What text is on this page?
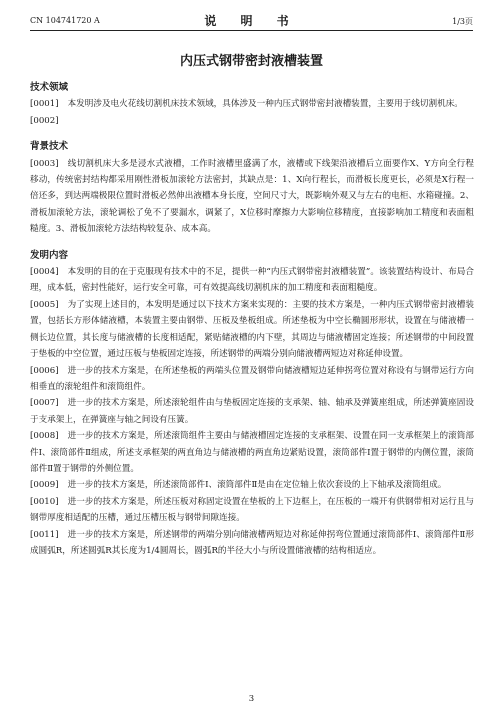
CN 104741720 A	说 明 书	1/3页
内压式钢带密封液槽装置
技术领域
[0001] 本发明涉及电火花线切割机床技术领域，具体涉及一种内压式钢带密封液槽装置，主要用于线切割机床。
[0002]
背景技术
[0003] 线切割机床大多是浸水式液槽，工作时液槽里盛满了水，液槽或下线架沿液槽后立面要作X、Y方向全行程移动，传统密封结构都采用刚性滑板加滚轮方法密封，其缺点是：1、X向行程长，而滑板长度更长，必须是X行程一倍还多，到达两端极限位置时滑板必然伸出液槽本身长度，空间尺寸大，既影响外观又与左右的电柜、水箱碰撞。2、滑板加滚轮方法，滚轮调松了免不了要漏水，调紧了，X位移时摩擦力大影响位移精度，直接影响加工精度和表面粗糙度。3、滑板加滚轮方法结构较复杂、成本高。
发明内容
[0004] 本发明的目的在于克服现有技术中的不足，提供一种“内压式钢带密封液槽装置”。该装置结构设计、布局合理，成本低，密封性能好，运行安全可靠，可有效提高线切割机床的加工精度和表面粗糙度。
[0005] 为了实现上述目的，本发明是通过以下技术方案来实现的：主要的技术方案是，一种内压式钢带密封液槽装置，包括长方形体储液槽，本装置主要由钢带、压板及垫板组成。所述垫板为中空长椭圆形形状，设置在与储液槽一侧长边位置，其长度与储液槽的长度相适配，紧贴储液槽的内下壁，其周边与储液槽固定连接；所述钢带的中间段置于垫板的中空位置，通过压板与垫板固定连接，所述钢带的两端分别向储液槽两短边对称延伸设置。
[0006] 进一步的技术方案是，在所述垫板的两端头位置及钢带向储液槽短边延伸拐弯位置对称设有与钢带运行方向相垂直的滚轮组件和滚筒组件。
[0007] 进一步的技术方案是，所述滚轮组件由与垫板固定连接的支承架、轴、轴承及弹簧座组成，所述弹簧座固设于支承架上，在弹簧座与轴之间设有压簧。
[0008] 进一步的技术方案是，所述滚筒组件主要由与储液槽固定连接的支承框架、设置在同一支承框架上的滚筒部件Ⅰ、滚筒部件Ⅱ组成，所述支承框架的两直角边与储液槽的两直角边紧贴设置，滚筒部件Ⅰ置于钢带的内侧位置，滚筒部件Ⅱ置于钢带的外侧位置。
[0009] 进一步的技术方案是，所述滚筒部件Ⅰ、滚筒部件Ⅱ是由在定位轴上依次套设的上下轴承及滚筒组成。
[0010] 进一步的技术方案是，所述压板对称固定设置在垫板的上下边框上，在压板的一端开有供钢带相对运行且与钢带厚度相适配的压槽，通过压槽压板与钢带间隙连接。
[0011] 进一步的技术方案是，所述钢带的两端分别向储液槽两短边对称延伸拐弯位置通过滚筒部件Ⅰ、滚筒部件Ⅱ形成圆弧R，所述圆弧R其长度为1/4圆周长，圆弧R的半径大小与所设置储液槽的结构相适应。
3
